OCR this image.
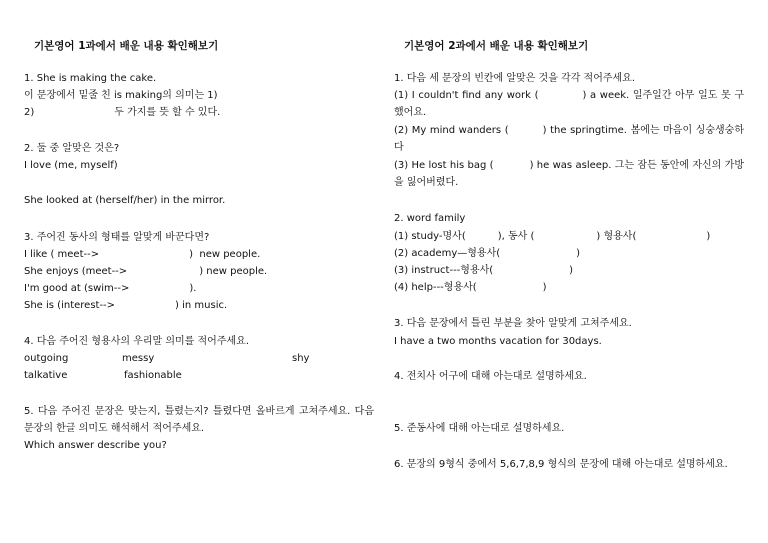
기본영어 1과에서 배운 내용 확인해보기
1. She is making the cake.
이 문장에서 밑줄 친 is making의 의미는 1)
2)	두 가지를 뜻 할 수 있다.
2. 둘 중 알맞은 것은?
I love (me, myself)
She looked at (herself/her) in the mirror.
3. 주어진 동사의 형태를 알맞게 바꾼다면?
I like ( meet-->	)  new people.
She enjoys (meet-->	) new people.
I'm good at (swim-->	).
She is (interest-->	) in music.
4. 다음 주어진 형용사의 우리말 의미를 적어주세요.
outgoing	messy	shy
talkative	fashionable
5. 다음 주어진 문장은 맞는지, 틀렸는지? 틀렸다면 올바르게 고쳐주세요. 다음 문장의 한글 의미도 해석해서 적어주세요.
Which answer describe you?
기본영어 2과에서 배운 내용 확인해보기
1. 다음 세 문장의 빈칸에 알맞은 것을 각각 적어주세요.
(1) I couldn't find any work (	) a week. 일주일간 아무 일도 못 구했어요.
(2) My mind wanders (	) the springtime. 봄에는 마음이 싱숭생숭하다
(3) He lost his bag (	) he was asleep. 그는 잠든 동안에 자신의 가방을 잃어버렸다.
2. word family
(1) study-명사(	), 동사 (	) 형용사(	)
(2) academy—형용사(	)
(3) instruct---형용사(	)
(4) help---형용사(	)
3. 다음 문장에서 틀린 부분을 찾아 알맞게 고쳐주세요.
I have a two months vacation for 30days.
4. 전치사 어구에 대해 아는대로 설명하세요.
5. 준동사에 대해 아는대로 설명하세요.
6. 문장의 9형식 중에서 5,6,7,8,9 형식의 문장에 대해 아는대로 설명하세요.
